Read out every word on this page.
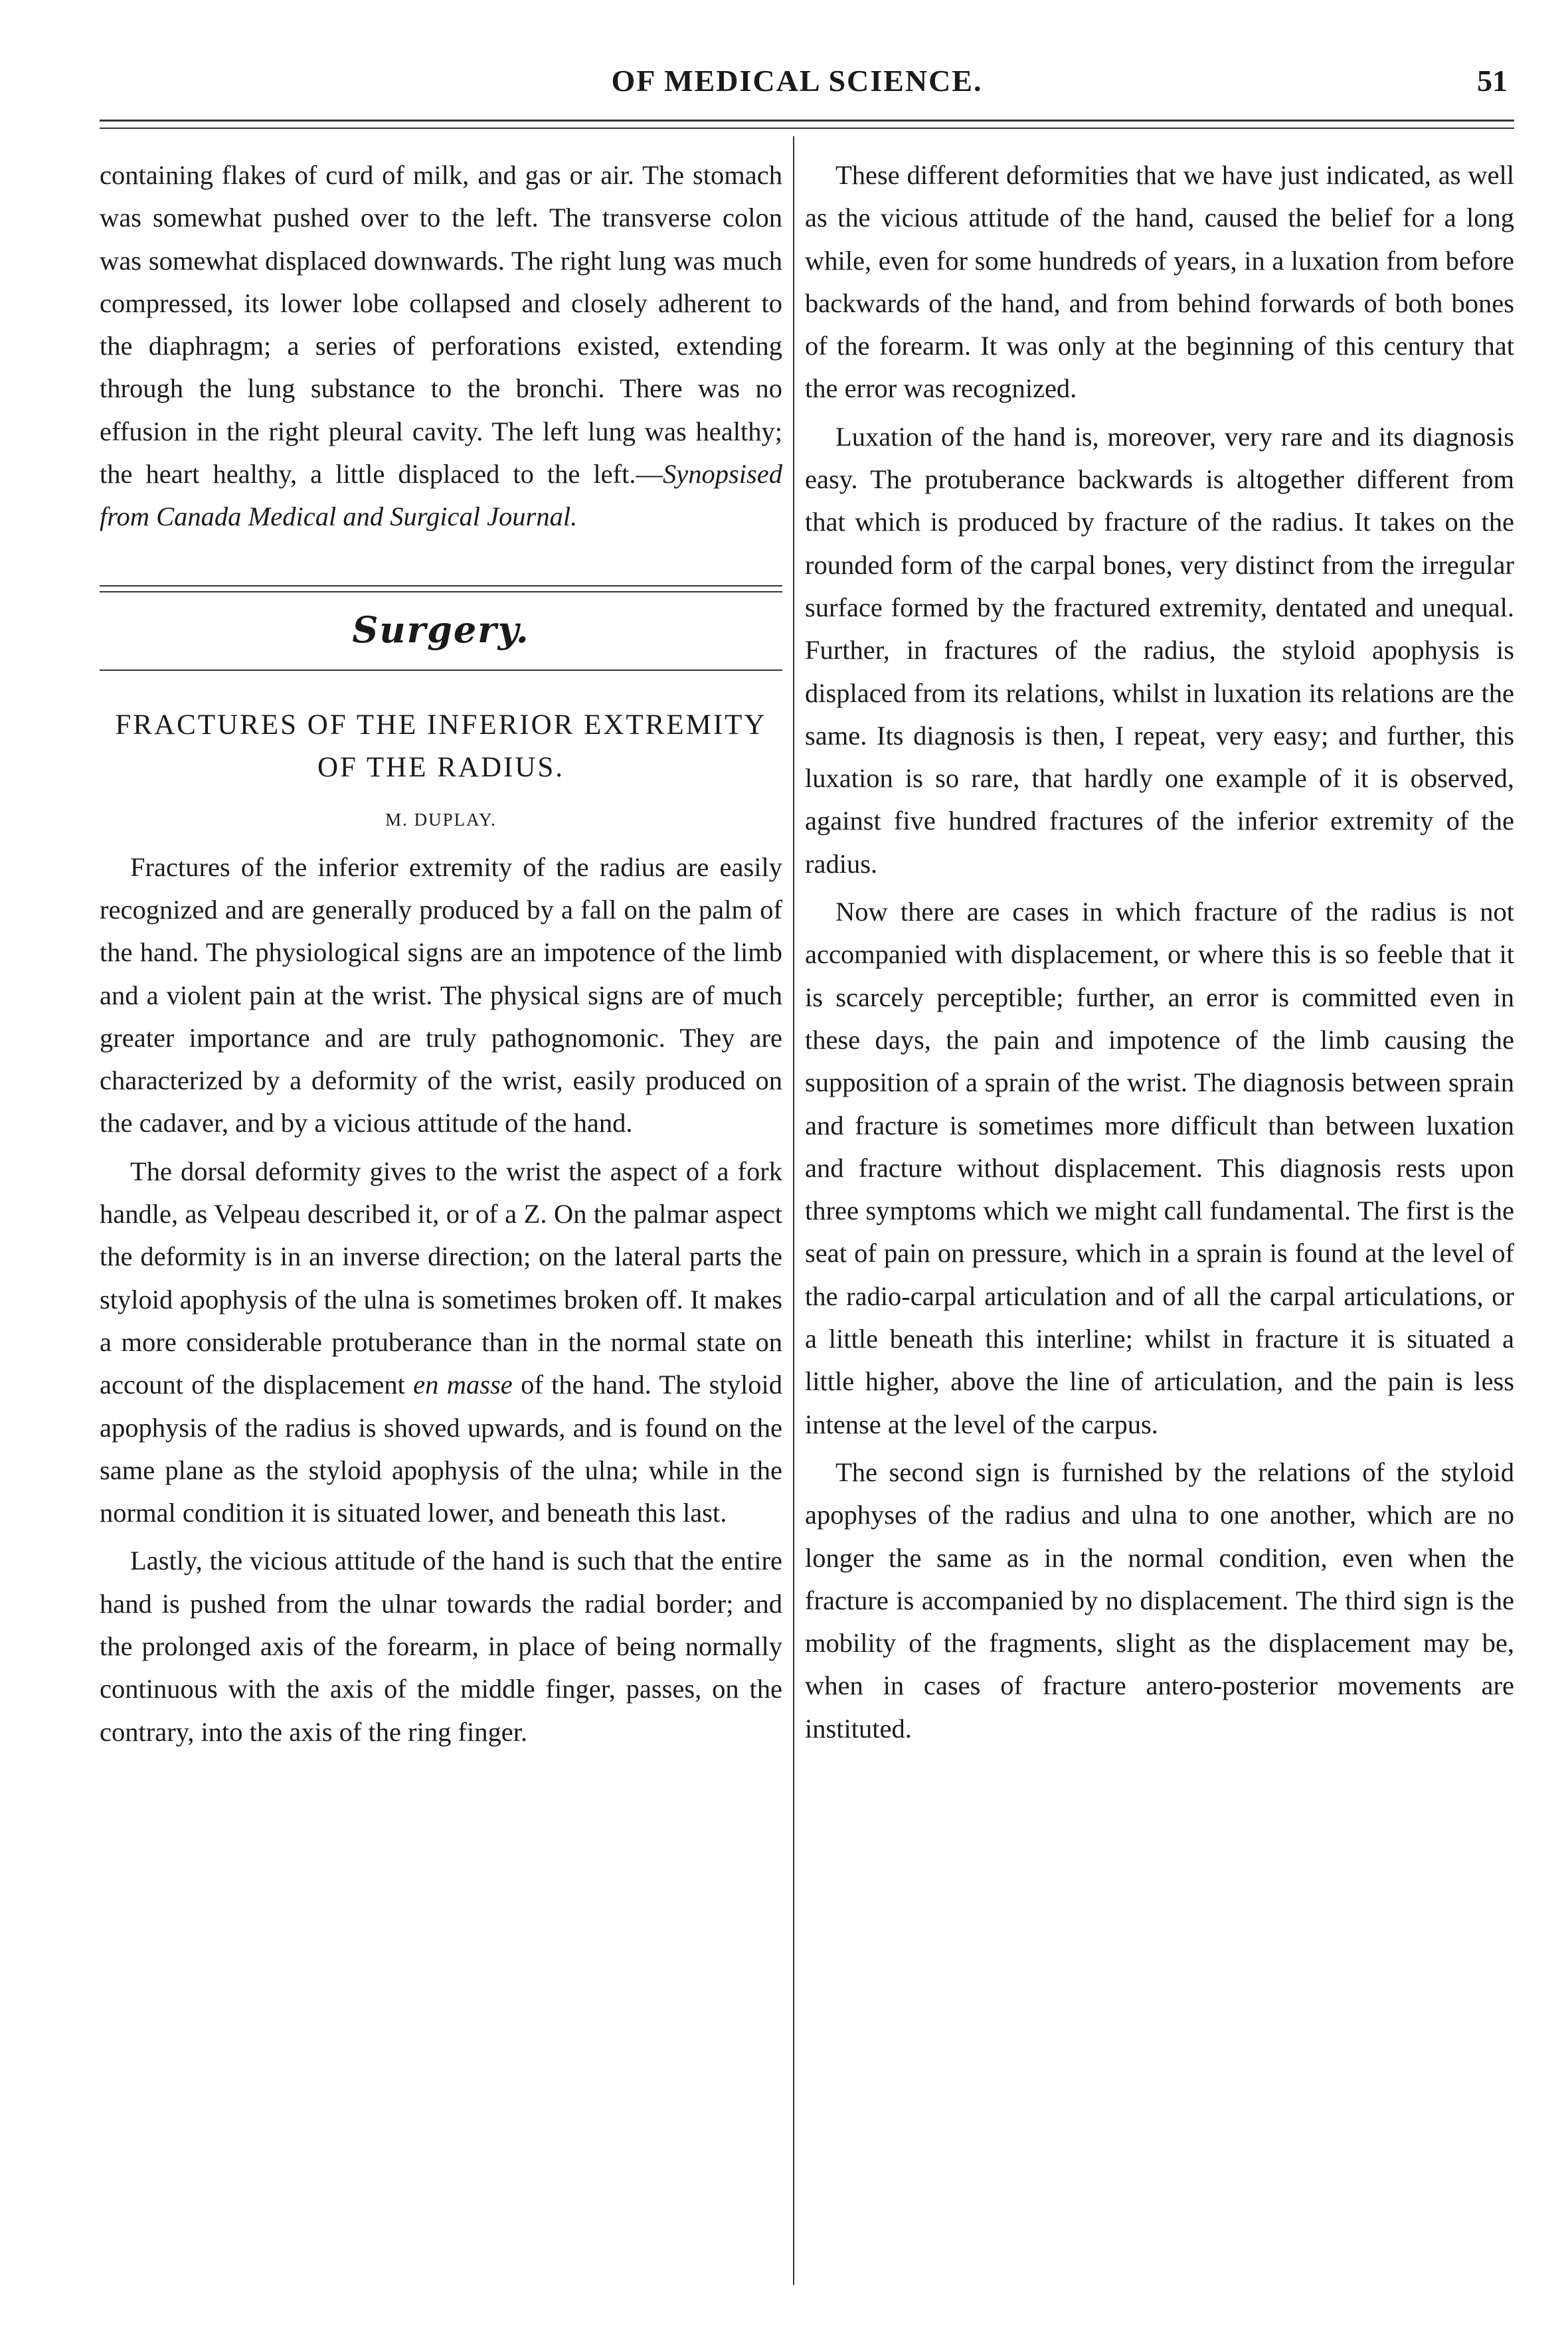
OF MEDICAL SCIENCE.	51

containing flakes of curd of milk, and gas or air. The stomach was somewhat pushed over to the left. The transverse colon was somewhat displaced downwards. The right lung was much compressed, its lower lobe collapsed and closely adherent to the diaphragm; a series of perforations existed, extending through the lung substance to the bronchi. There was no effusion in the right pleural cavity. The left lung was healthy; the heart healthy, a little displaced to the left.—Synopsised from Canada Medical and Surgical Journal.

Surgery.
FRACTURES OF THE INFERIOR EXTREMITY OF THE RADIUS.
M. DUPLAY.

Fractures of the inferior extremity of the radius are easily recognized and are generally produced by a fall on the palm of the hand. The physiological signs are an impotence of the limb and a violent pain at the wrist. The physical signs are of much greater importance and are truly pathognomonic. They are characterized by a deformity of the wrist, easily produced on the cadaver, and by a vicious attitude of the hand.

The dorsal deformity gives to the wrist the aspect of a fork handle, as Velpeau described it, or of a Z. On the palmar aspect the deformity is in an inverse direction; on the lateral parts the styloid apophysis of the ulna is sometimes broken off. It makes a more considerable protuberance than in the normal state on account of the displacement en masse of the hand. The styloid apophysis of the radius is shoved upwards, and is found on the same plane as the styloid apophysis of the ulna; while in the normal condition it is situated lower, and beneath this last.

Lastly, the vicious attitude of the hand is such that the entire hand is pushed from the ulnar towards the radial border; and the prolonged axis of the forearm, in place of being normally continuous with the axis of the middle finger, passes, on the contrary, into the axis of the ring finger.

These different deformities that we have just indicated, as well as the vicious attitude of the hand, caused the belief for a long while, even for some hundreds of years, in a luxation from before backwards of the hand, and from behind forwards of both bones of the forearm. It was only at the beginning of this century that the error was recognized.

Luxation of the hand is, moreover, very rare and its diagnosis easy. The protuberance backwards is altogether different from that which is produced by fracture of the radius. It takes on the rounded form of the carpal bones, very distinct from the irregular surface formed by the fractured extremity, dentated and unequal. Further, in fractures of the radius, the styloid apophysis is displaced from its relations, whilst in luxation its relations are the same. Its diagnosis is then, I repeat, very easy; and further, this luxation is so rare, that hardly one example of it is observed, against five hundred fractures of the inferior extremity of the radius.

Now there are cases in which fracture of the radius is not accompanied with displacement, or where this is so feeble that it is scarcely perceptible; further, an error is committed even in these days, the pain and impotence of the limb causing the supposition of a sprain of the wrist. The diagnosis between sprain and fracture is sometimes more difficult than between luxation and fracture without displacement. This diagnosis rests upon three symptoms which we might call fundamental. The first is the seat of pain on pressure, which in a sprain is found at the level of the radio-carpal articulation and of all the carpal articulations, or a little beneath this interline; whilst in fracture it is situated a little higher, above the line of articulation, and the pain is less intense at the level of the carpus.

The second sign is furnished by the relations of the styloid apophyses of the radius and ulna to one another, which are no longer the same as in the normal condition, even when the fracture is accompanied by no displacement. The third sign is the mobility of the fragments, slight as the displacement may be, when in cases of fracture antero-posterior movements are instituted.
